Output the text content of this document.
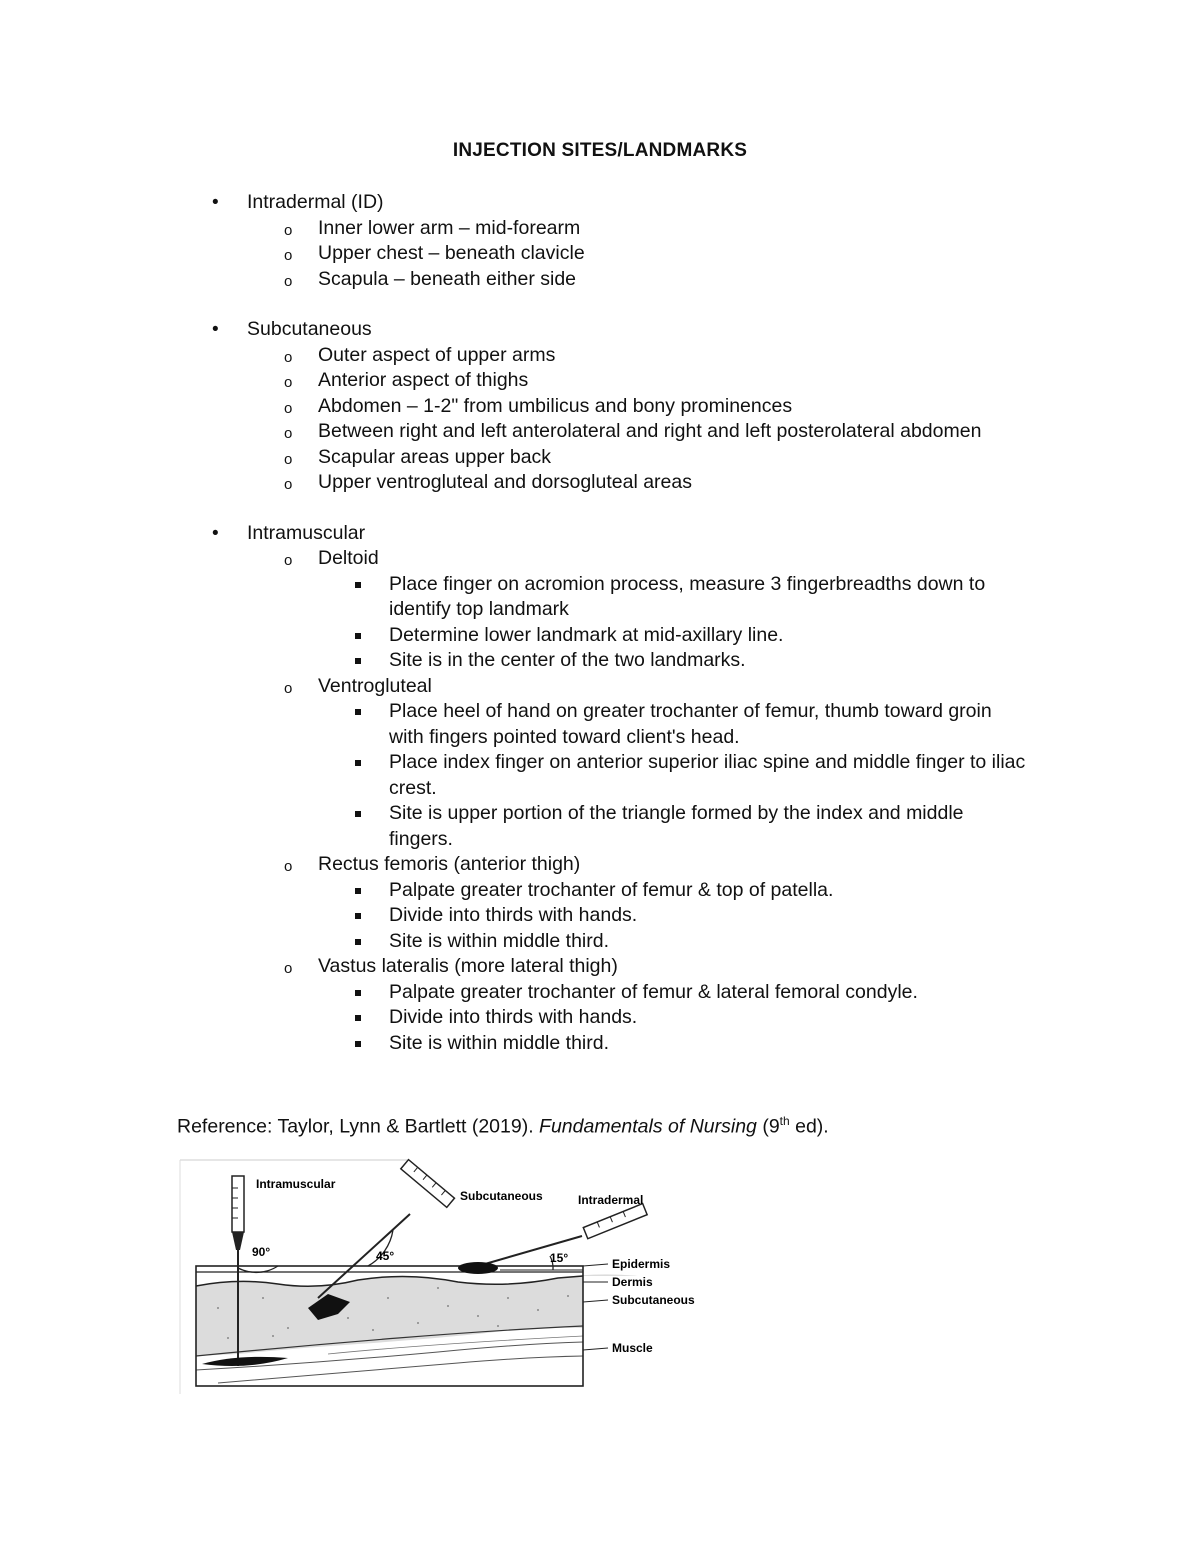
INJECTION SITES/LANDMARKS
• Intradermal (ID)
o Inner lower arm – mid-forearm
o Upper chest – beneath clavicle
o Scapula – beneath either side
• Subcutaneous
o Outer aspect of upper arms
o Anterior aspect of thighs
o Abdomen – 1-2" from umbilicus and bony prominences
o Between right and left anterolateral and right and left posterolateral abdomen
o Scapular areas upper back
o Upper ventrogluteal and dorsogluteal areas
• Intramuscular
o Deltoid
Place finger on acromion process, measure 3 fingerbreadths down to identify top landmark
Determine lower landmark at mid-axillary line.
Site is in the center of the two landmarks.
o Ventrogluteal
Place heel of hand on greater trochanter of femur, thumb toward groin with fingers pointed toward client's head.
Place index finger on anterior superior iliac spine and middle finger to iliac crest.
Site is upper portion of the triangle formed by the index and middle fingers.
o Rectus femoris (anterior thigh)
Palpate greater trochanter of femur & top of patella.
Divide into thirds with hands.
Site is within middle third.
o Vastus lateralis (more lateral thigh)
Palpate greater trochanter of femur & lateral femoral condyle.
Divide into thirds with hands.
Site is within middle third.
Reference: Taylor, Lynn & Bartlett (2019). Fundamentals of Nursing (9th ed).
Intramuscular
Subcutaneous	Intradermal
Epidermis
Dermis
Subcutaneous
Muscle
90°	45°	15°
